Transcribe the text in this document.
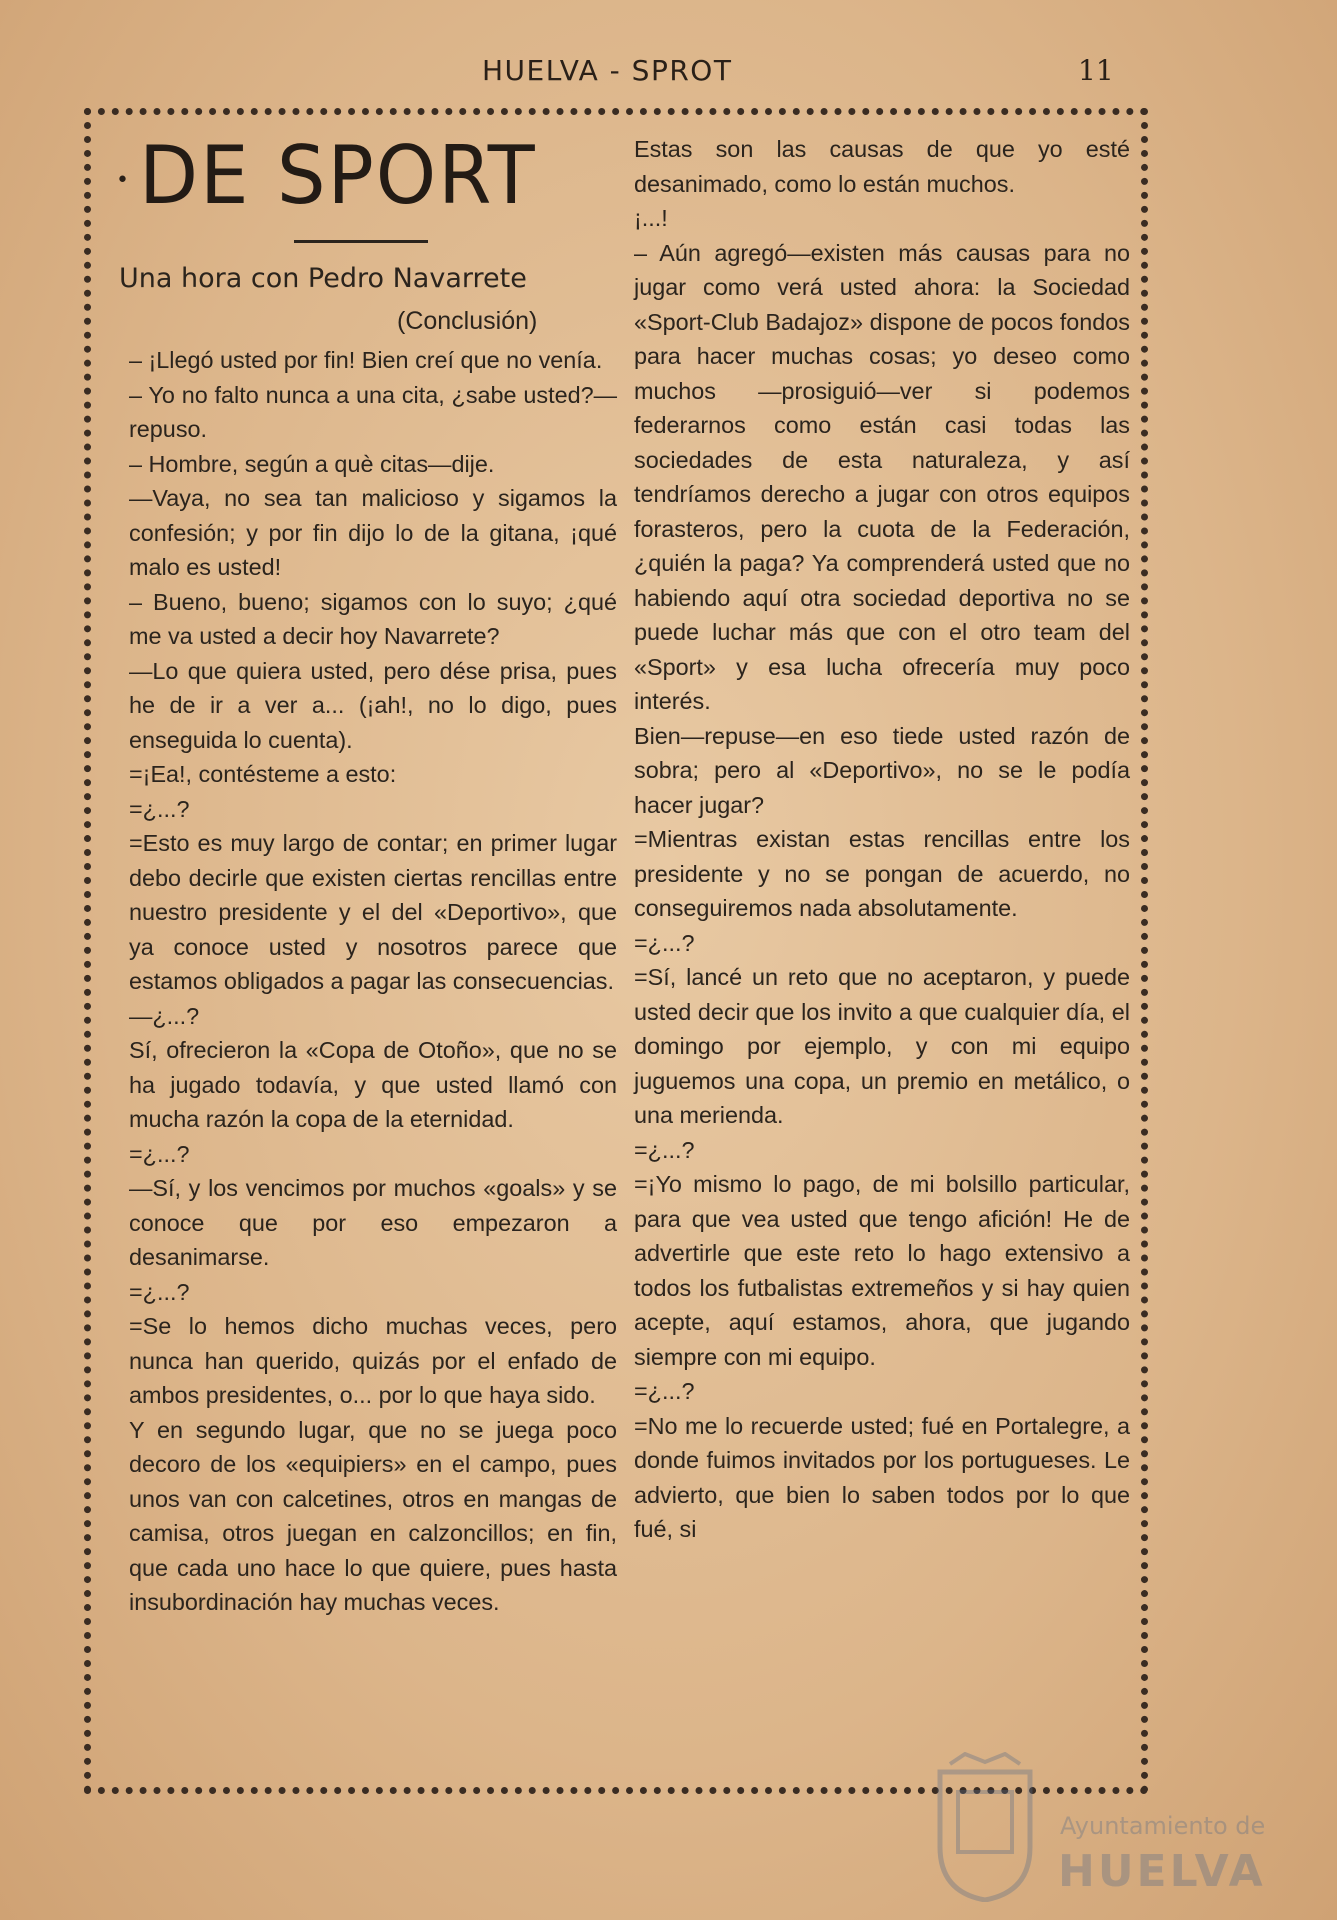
HUELVA - SPROT	11
• DE SPORT
Una hora con Pedro Navarrete
(Conclusión)

– ¡Llegó usted por fin! Bien creí que no venía.

– Yo no falto nunca a una cita, ¿sabe usted?—repuso.

– Hombre, según a què citas—dije.

—Vaya, no sea tan malicioso y sigamos la confesión; y por fin dijo lo de la gitana, ¡qué malo es usted!

– Bueno, bueno; sigamos con lo suyo; ¿qué me va usted a decir hoy Navarrete?

—Lo que quiera usted, pero dése prisa, pues he de ir a ver a... (¡ah!, no lo digo, pues enseguida lo cuenta).

=¡Ea!, contésteme a esto:

=¿...?

=Esto es muy largo de contar; en primer lugar debo decirle que existen ciertas rencillas entre nuestro presidente y el del «Deportivo», que ya conoce usted y nosotros parece que estamos obligados a pagar las consecuencias.

—¿...?

Sí, ofrecieron la «Copa de Otoño», que no se ha jugado todavía, y que usted llamó con mucha razón la copa de la eternidad.

=¿...?

—Sí, y los vencimos por muchos «goals» y se conoce que por eso empezaron a desanimarse.

=¿...?

=Se lo hemos dicho muchas veces, pero nunca han querido, quizás por el enfado de ambos presidentes, o... por lo que haya sido.

Y en segundo lugar, que no se juega poco decoro de los «equipiers» en el campo, pues unos van con calcetines, otros en mangas de camisa, otros juegan en calzoncillos; en fin, que cada uno hace lo que quiere, pues hasta insubordinación hay muchas veces.

Estas son las causas de que yo esté desanimado, como lo están muchos.

¡...!

– Aún agregó—existen más causas para no jugar como verá usted ahora: la Sociedad «Sport-Club Badajoz» dispone de pocos fondos para hacer muchas cosas; yo deseo como muchos —prosiguió—ver si podemos federarnos como están casi todas las sociedades de esta naturaleza, y así tendríamos derecho a jugar con otros equipos forasteros, pero la cuota de la Federación, ¿quién la paga? Ya comprenderá usted que no habiendo aquí otra sociedad deportiva no se puede luchar más que con el otro team del «Sport» y esa lucha ofrecería muy poco interés.

Bien—repuse—en eso tiede usted razón de sobra; pero al «Deportivo», no se le podía hacer jugar?

=Mientras existan estas rencillas entre los presidente y no se pongan de acuerdo, no conseguiremos nada absolutamente.

=¿...?

=Sí, lancé un reto que no aceptaron, y puede usted decir que los invito a que cualquier día, el domingo por ejemplo, y con mi equipo juguemos una copa, un premio en metálico, o una merienda.

=¿...?

=¡Yo mismo lo pago, de mi bolsillo particular, para que vea usted que tengo afición! He de advertirle que este reto lo hago extensivo a todos los futbalistas extremeños y si hay quien acepte, aquí estamos, ahora, que jugando siempre con mi equipo.

=¿...?

=No me lo recuerde usted; fué en Portalegre, a donde fuimos invitados por los portugueses. Le advierto, que bien lo saben todos por lo que fué, si

Ayuntamiento de
HUELVA
